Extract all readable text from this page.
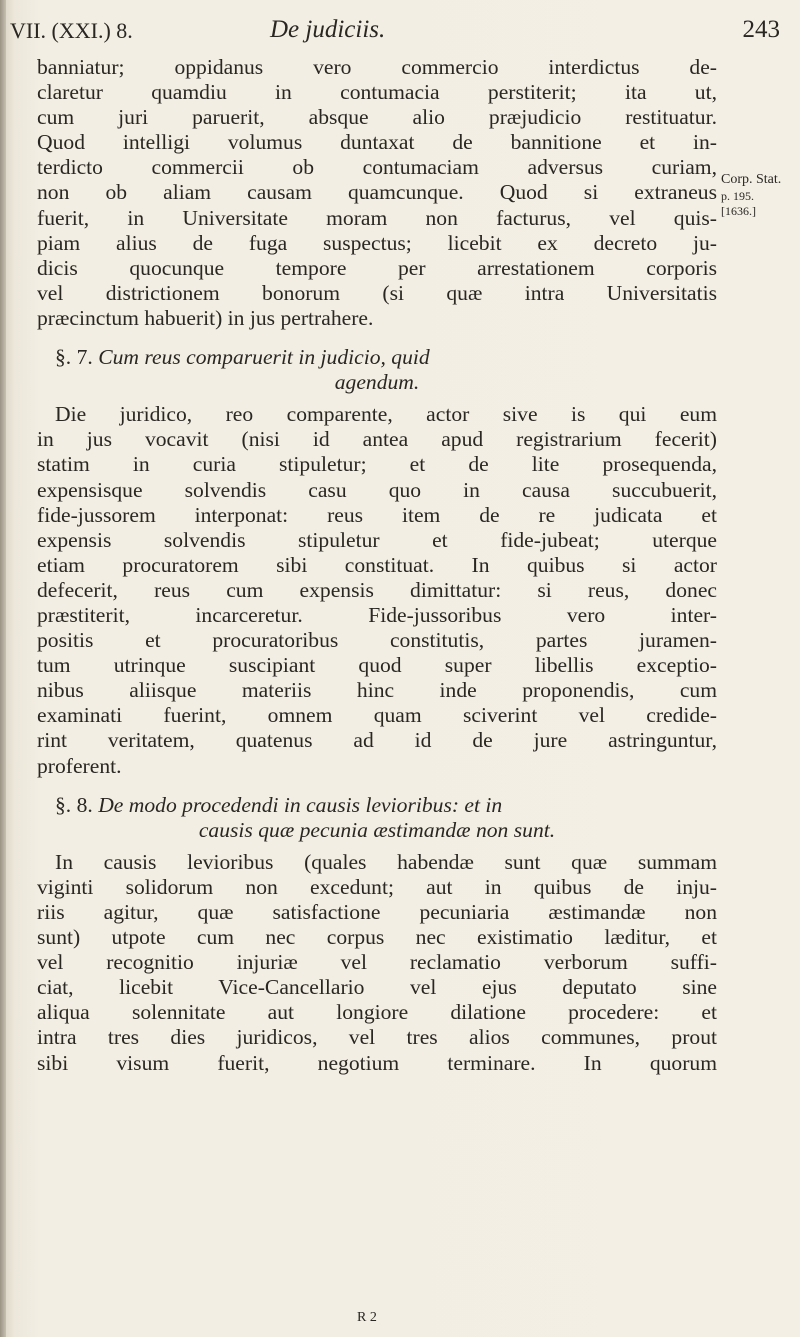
VII. (XXI.) 8.	De judiciis.	243
banniatur; oppidanus vero commercio interdictus de-
claretur quamdiu in contumacia perstiterit; ita ut,
cum juri paruerit, absque alio præjudicio restituatur.
Quod intelligi volumus duntaxat de bannitione et in-
terdicto commercii ob contumaciam adversus curiam,
non ob aliam causam quamcunque. Quod si extraneus
fuerit, in Universitate moram non facturus, vel quis-
piam alius de fuga suspectus; licebit ex decreto ju-
dicis quocunque tempore per arrestationem corporis
vel districtionem bonorum (si quæ intra Universitatis
præcinctum habuerit) in jus pertrahere.
§. 7. Cum reus comparuerit in judicio, quid
agendum.
Die juridico, reo comparente, actor sive is qui eum
in jus vocavit (nisi id antea apud registrarium fecerit)
statim in curia stipuletur; et de lite prosequenda,
expensisque solvendis casu quo in causa succubuerit,
fide-jussorem interponat: reus item de re judicata et
expensis solvendis stipuletur et fide-jubeat; uterque
etiam procuratorem sibi constituat. In quibus si actor
defecerit, reus cum expensis dimittatur: si reus, donec
præstiterit, incarceretur. Fide-jussoribus vero inter-
positis et procuratoribus constitutis, partes juramen-
tum utrinque suscipiant quod super libellis exceptio-
nibus aliisque materiis hinc inde proponendis, cum
examinati fuerint, omnem quam sciverint vel credide-
rint veritatem, quatenus ad id de jure astringuntur,
proferent.
§. 8. De modo procedendi in causis levioribus: et in
causis quæ pecunia æstimandæ non sunt.
In causis levioribus (quales habendæ sunt quæ summam
viginti solidorum non excedunt; aut in quibus de inju-
riis agitur, quæ satisfactione pecuniaria æstimandæ non
sunt) utpote cum nec corpus nec existimatio læditur, et
vel recognitio injuriæ vel reclamatio verborum suffi-
ciat, licebit Vice-Cancellario vel ejus deputato sine
aliqua solennitate aut longiore dilatione procedere: et
intra tres dies juridicos, vel tres alios communes, prout
sibi visum fuerit, negotium terminare. In quorum
Corp. Stat.
p. 195.
[1636.]
R 2
